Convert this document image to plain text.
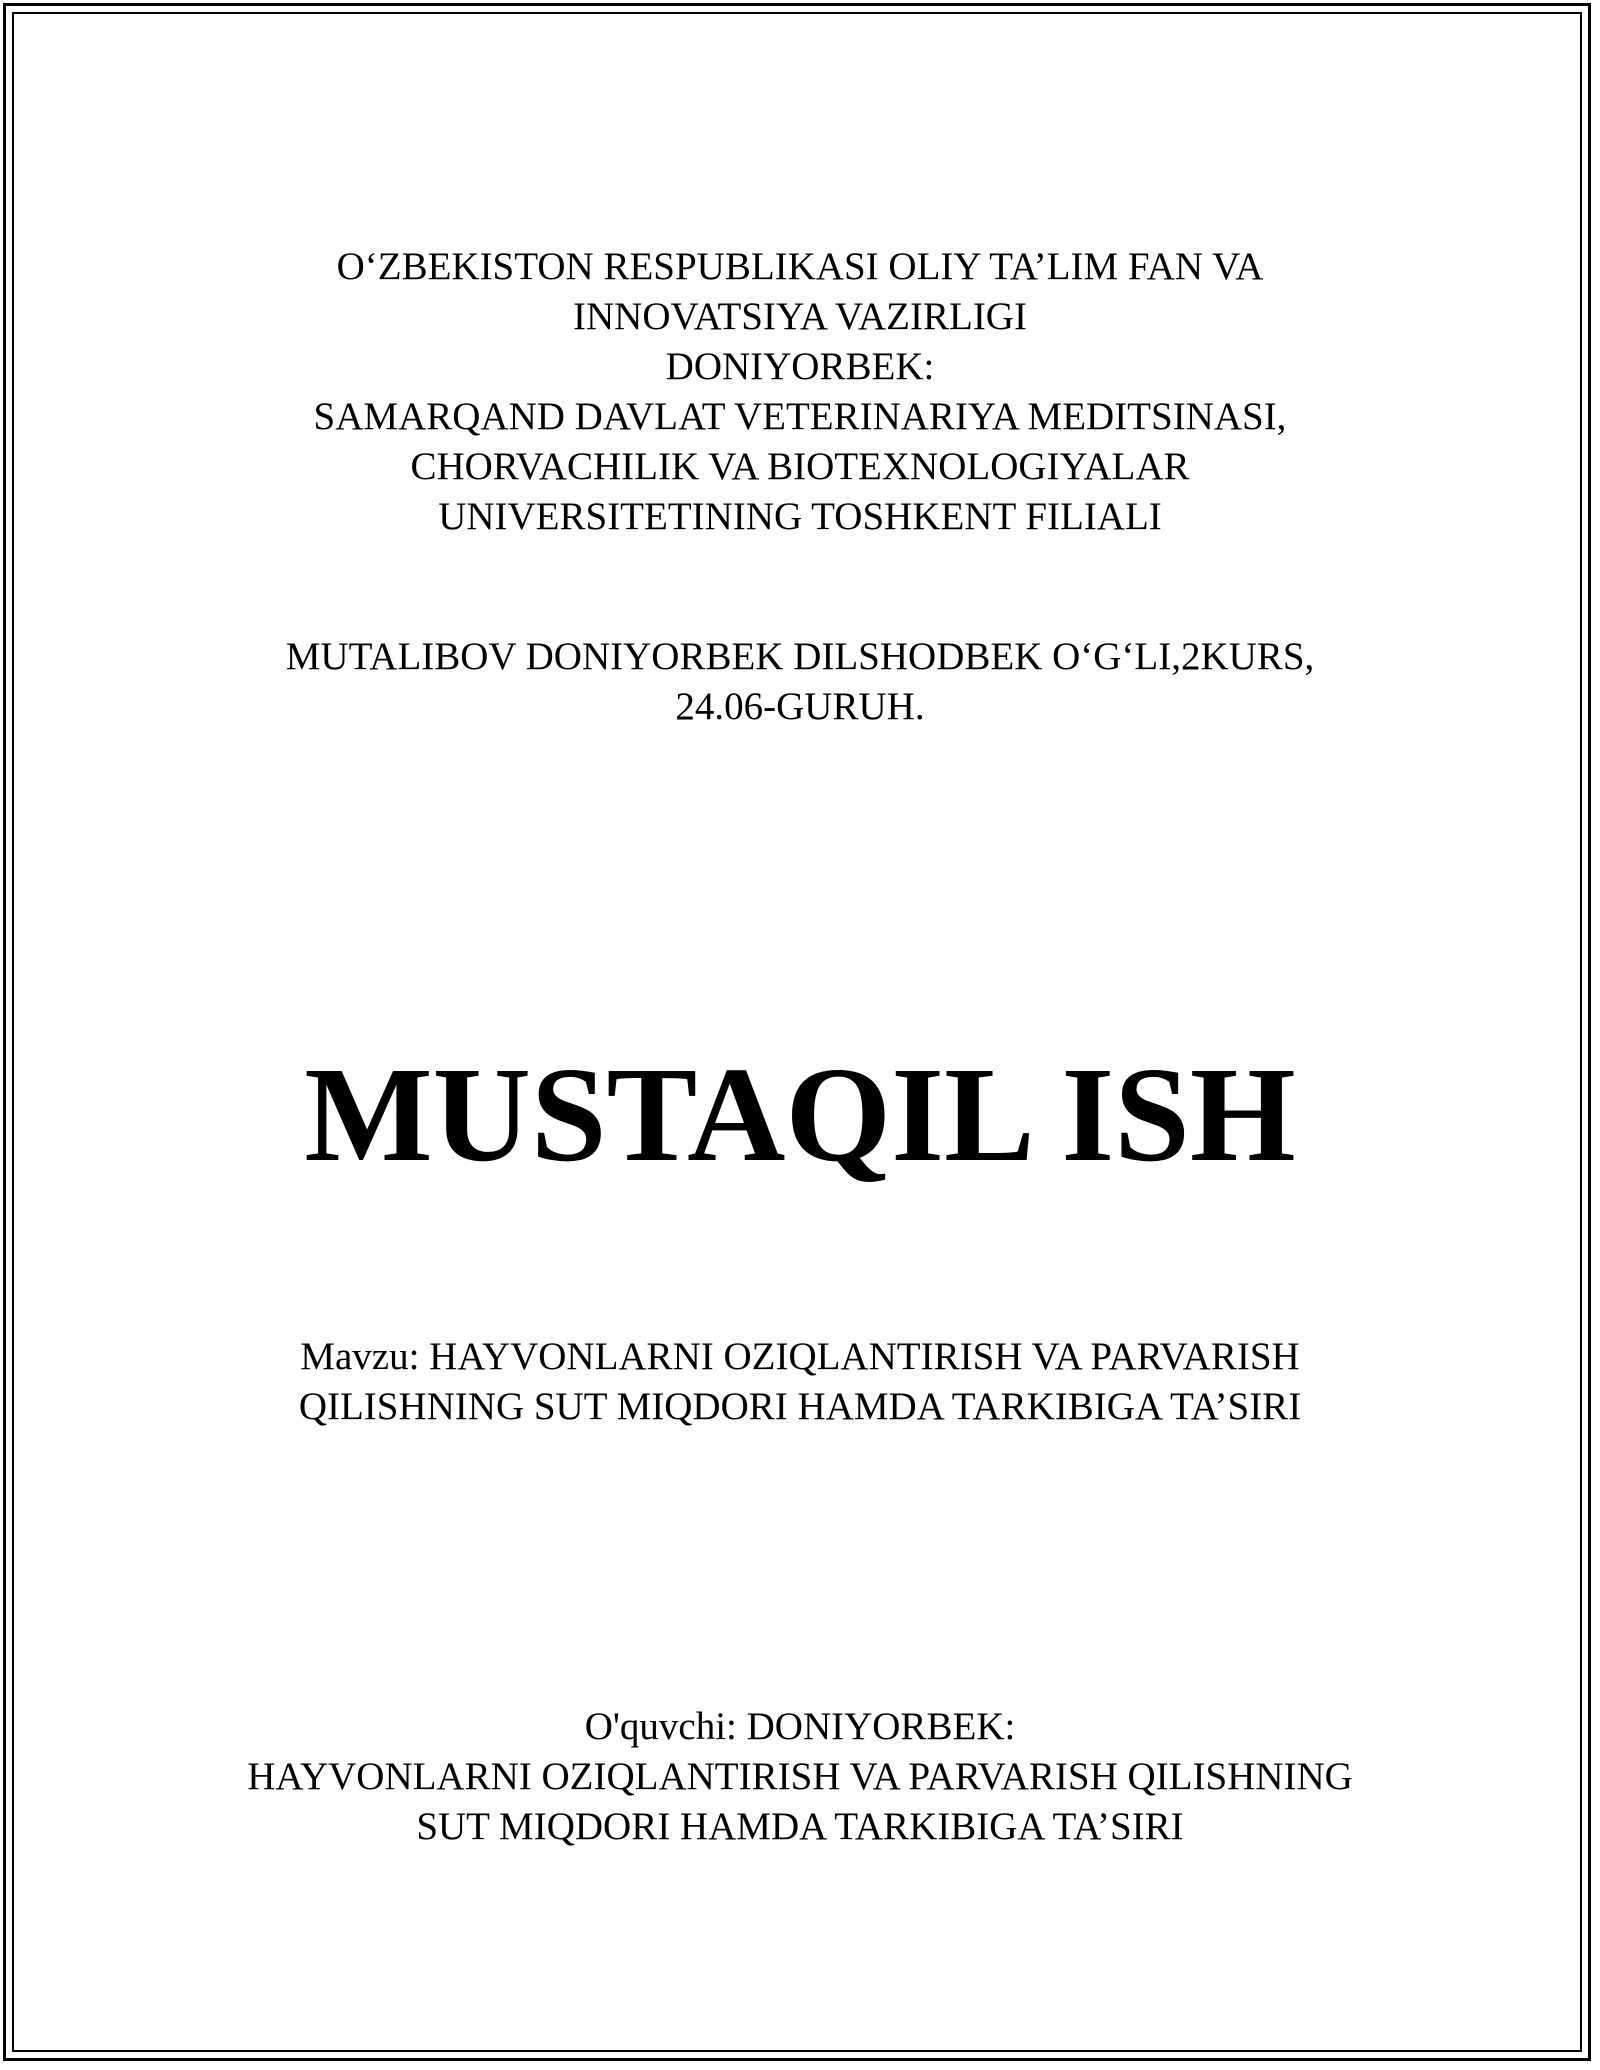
O‘ZBEKISTON RESPUBLIKASI OLIY TA’LIM FAN VA
INNOVATSIYA VAZIRLIGI
DONIYORBEK:
SAMARQAND DAVLAT VETERINARIYA MEDITSINASI,
CHORVACHILIK VA BIOTEXNOLOGIYALAR
UNIVERSITETINING TOSHKENT FILIALI
MUTALIBOV DONIYORBEK DILSHODBEK O‘G‘LI,2KURS,
24.06-GURUH.
MUSTAQIL ISH
Mavzu: HAYVONLARNI OZIQLANTIRISH VA PARVARISH
QILISHNING SUT MIQDORI HAMDA TARKIBIGA TA’SIRI
O'quvchi: DONIYORBEK:
HAYVONLARNI OZIQLANTIRISH VA PARVARISH QILISHNING
SUT MIQDORI HAMDA TARKIBIGA TA’SIRI
